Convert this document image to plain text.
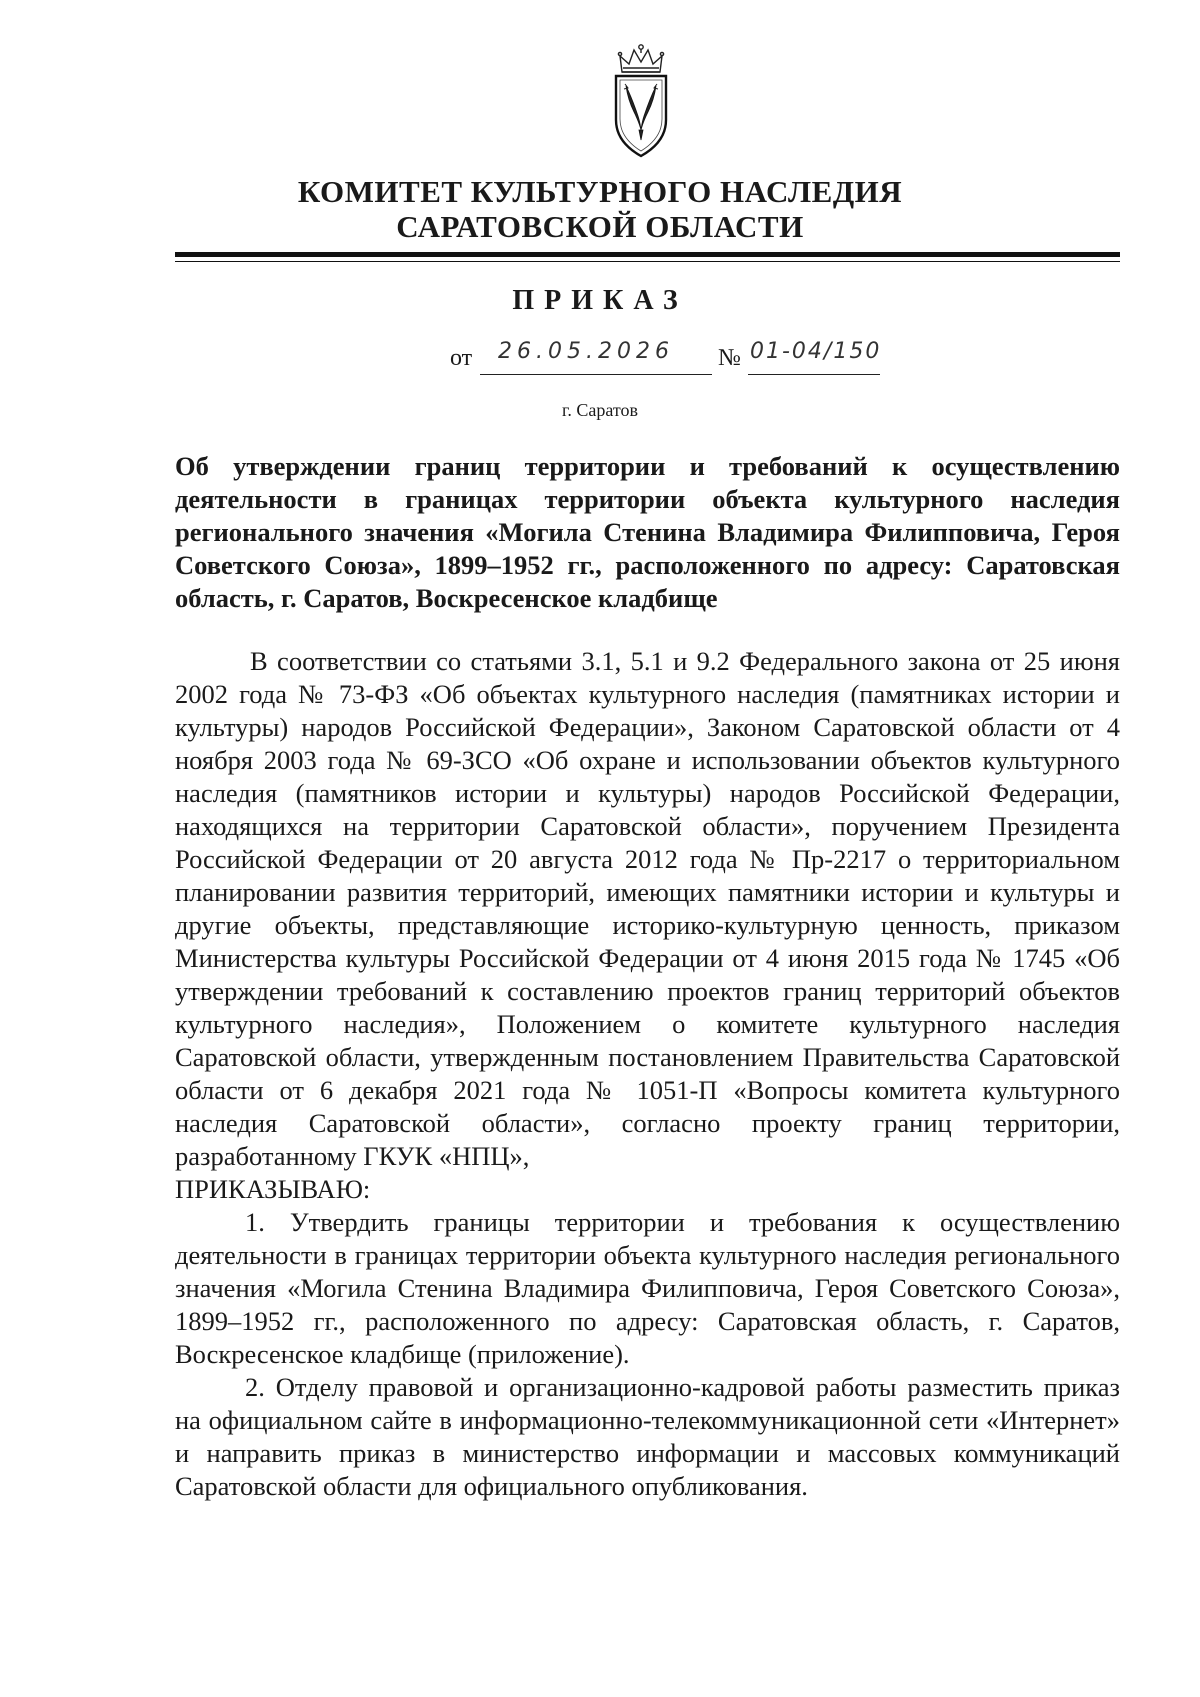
КОМИТЕТ КУЛЬТУРНОГО НАСЛЕДИЯ
САРАТОВСКОЙ ОБЛАСТИ
ПРИКАЗ
от 26.05.2026 № 01-04/150
г. Саратов
Об утверждении границ территории и требований к осуществлению деятельности в границах территории объекта культурного наследия регионального значения «Могила Стенина Владимира Филипповича, Героя Советского Союза», 1899–1952 гг., расположенного по адресу: Саратовская область, г. Саратов, Воскресенское кладбище

В соответствии со статьями 3.1, 5.1 и 9.2 Федерального закона от 25 июня 2002 года № 73-ФЗ «Об объектах культурного наследия (памятниках истории и культуры) народов Российской Федерации», Законом Саратовской области от 4 ноября 2003 года № 69-ЗСО «Об охране и использовании объектов культурного наследия (памятников истории и культуры) народов Российской Федерации, находящихся на территории Саратовской области», поручением Президента Российской Федерации от 20 августа 2012 года № Пр-2217 о территориальном планировании развития территорий, имеющих памятники истории и культуры и другие объекты, представляющие историко-культурную ценность, приказом Министерства культуры Российской Федерации от 4 июня 2015 года № 1745 «Об утверждении требований к составлению проектов границ территорий объектов культурного наследия», Положением о комитете культурного наследия Саратовской области, утвержденным постановлением Правительства Саратовской области от 6 декабря 2021 года № 1051-П «Вопросы комитета культурного наследия Саратовской области», согласно проекту границ территории, разработанному ГКУК «НПЦ»,

ПРИКАЗЫВАЮ:

1. Утвердить границы территории и требования к осуществлению деятельности в границах территории объекта культурного наследия регионального значения «Могила Стенина Владимира Филипповича, Героя Советского Союза», 1899–1952 гг., расположенного по адресу: Саратовская область, г. Саратов, Воскресенское кладбище (приложение).

2. Отделу правовой и организационно-кадровой работы разместить приказ на официальном сайте в информационно-телекоммуникационной сети «Интернет» и направить приказ в министерство информации и массовых коммуникаций Саратовской области для официального опубликования.
